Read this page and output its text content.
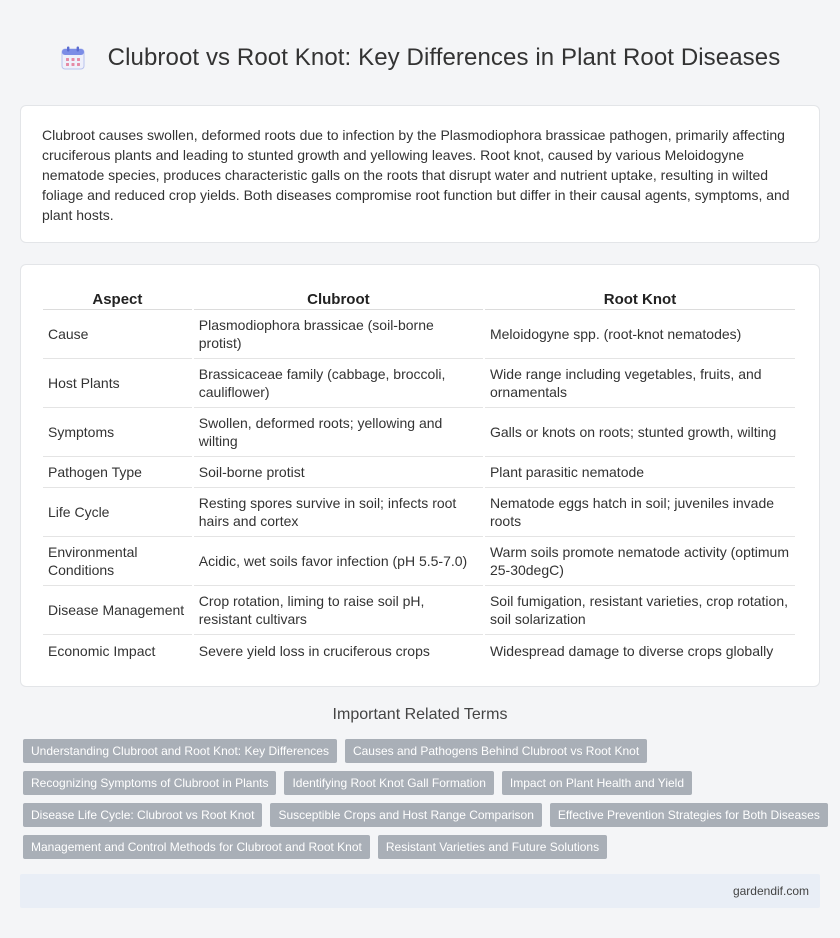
Clubroot vs Root Knot: Key Differences in Plant Root Diseases

Clubroot causes swollen, deformed roots due to infection by the Plasmodiophora brassicae pathogen, primarily affecting cruciferous plants and leading to stunted growth and yellowing leaves. Root knot, caused by various Meloidogyne nematode species, produces characteristic galls on the roots that disrupt water and nutrient uptake, resulting in wilted foliage and reduced crop yields. Both diseases compromise root function but differ in their causal agents, symptoms, and plant hosts.

Aspect	Clubroot	Root Knot
Cause	Plasmodiophora brassicae (soil-borne protist)	Meloidogyne spp. (root-knot nematodes)
Host Plants	Brassicaceae family (cabbage, broccoli, cauliflower)	Wide range including vegetables, fruits, and ornamentals
Symptoms	Swollen, deformed roots; yellowing and wilting	Galls or knots on roots; stunted growth, wilting
Pathogen Type	Soil-borne protist	Plant parasitic nematode
Life Cycle	Resting spores survive in soil; infects root hairs and cortex	Nematode eggs hatch in soil; juveniles invade roots
Environmental Conditions	Acidic, wet soils favor infection (pH 5.5-7.0)	Warm soils promote nematode activity (optimum 25-30degC)
Disease Management	Crop rotation, liming to raise soil pH, resistant cultivars	Soil fumigation, resistant varieties, crop rotation, soil solarization
Economic Impact	Severe yield loss in cruciferous crops	Widespread damage to diverse crops globally
Important Related Terms
Understanding Clubroot and Root Knot: Key Differences	Causes and Pathogens Behind Clubroot vs Root Knot
Recognizing Symptoms of Clubroot in Plants	Identifying Root Knot Gall Formation	Impact on Plant Health and Yield
Disease Life Cycle: Clubroot vs Root Knot	Susceptible Crops and Host Range Comparison	Effective Prevention Strategies for Both Diseases
Management and Control Methods for Clubroot and Root Knot	Resistant Varieties and Future Solutions
gardendif.com
